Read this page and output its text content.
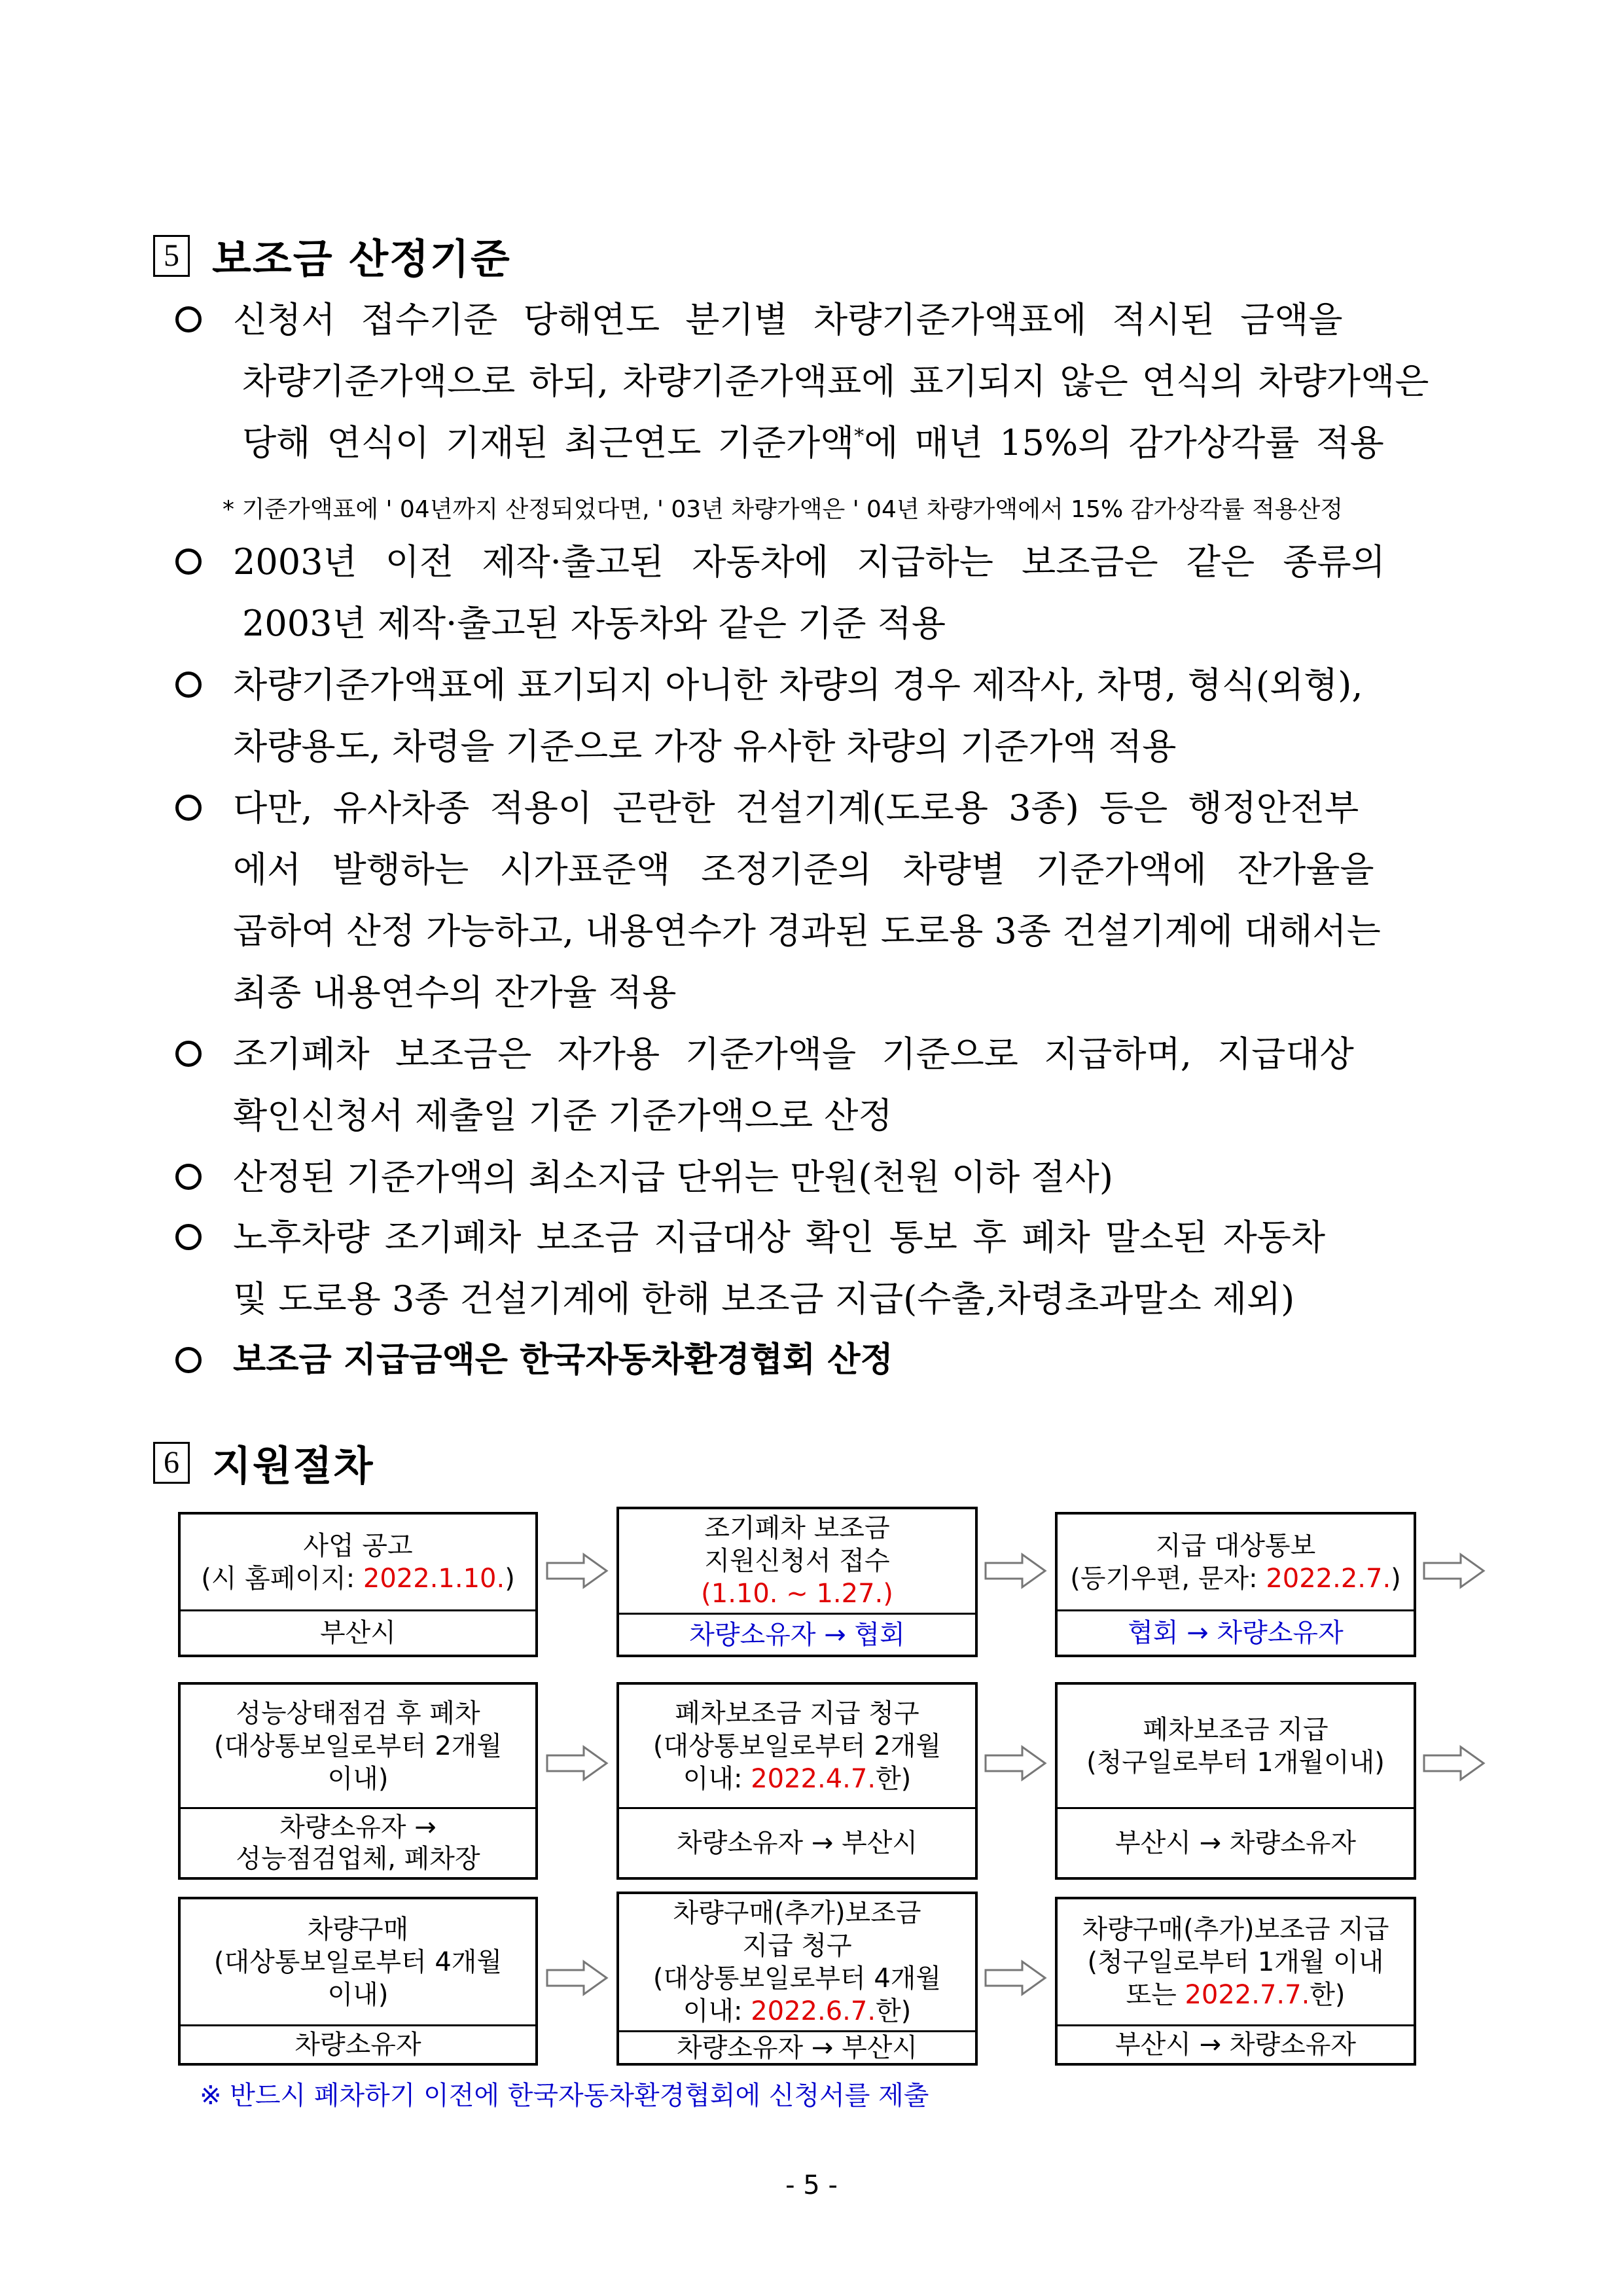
5 보조금 산정기준
신청서 접수기준 당해연도 분기별 차량기준가액표에 적시된 금액을
차량기준가액으로 하되, 차량기준가액표에 표기되지 않은 연식의 차량가액은
당해 연식이 기재된 최근연도 기준가액*에 매년 15%의 감가상각률 적용
* 기준가액표에 ' 04년까지 산정되었다면, ' 03년 차량가액은 ' 04년 차량가액에서 15% 감가상각률 적용산정
2003년 이전 제작·출고된 자동차에 지급하는 보조금은 같은 종류의
2003년 제작·출고된 자동차와 같은 기준 적용
차량기준가액표에 표기되지 아니한 차량의 경우 제작사, 차명, 형식(외형),
차량용도, 차령을 기준으로 가장 유사한 차량의 기준가액 적용
다만, 유사차종 적용이 곤란한 건설기계(도로용 3종) 등은 행정안전부
에서 발행하는 시가표준액 조정기준의 차량별 기준가액에 잔가율을
곱하여 산정 가능하고, 내용연수가 경과된 도로용 3종 건설기계에 대해서는
최종 내용연수의 잔가율 적용
조기폐차 보조금은 자가용 기준가액을 기준으로 지급하며, 지급대상
확인신청서 제출일 기준 기준가액으로 산정
산정된 기준가액의 최소지급 단위는 만원(천원 이하 절사)
노후차량 조기폐차 보조금 지급대상 확인 통보 후 폐차 말소된 자동차
및 도로용 3종 건설기계에 한해 보조금 지급(수출,차령초과말소 제외)
보조금 지급금액은 한국자동차환경협회 산정
6 지원절차
사업 공고
(시 홈페이지: 2022.1.10.)
부산시
조기폐차 보조금
지원신청서 접수
(1.10. ~ 1.27.)
차량소유자 → 협회
지급 대상통보
(등기우편, 문자: 2022.2.7.)
협회 → 차량소유자
성능상태점검 후 폐차
(대상통보일로부터 2개월
이내)
차량소유자 →
성능점검업체, 폐차장
폐차보조금 지급 청구
(대상통보일로부터 2개월
이내: 2022.4.7.한)
차량소유자 → 부산시
폐차보조금 지급
(청구일로부터 1개월이내)
부산시 → 차량소유자
차량구매
(대상통보일로부터 4개월
이내)
차량소유자
차량구매(추가)보조금
지급 청구
(대상통보일로부터 4개월
이내: 2022.6.7.한)
차량소유자 → 부산시
차량구매(추가)보조금 지급
(청구일로부터 1개월 이내
또는 2022.7.7.한)
부산시 → 차량소유자
※ 반드시 폐차하기 이전에 한국자동차환경협회에 신청서를 제출
- 5 -
